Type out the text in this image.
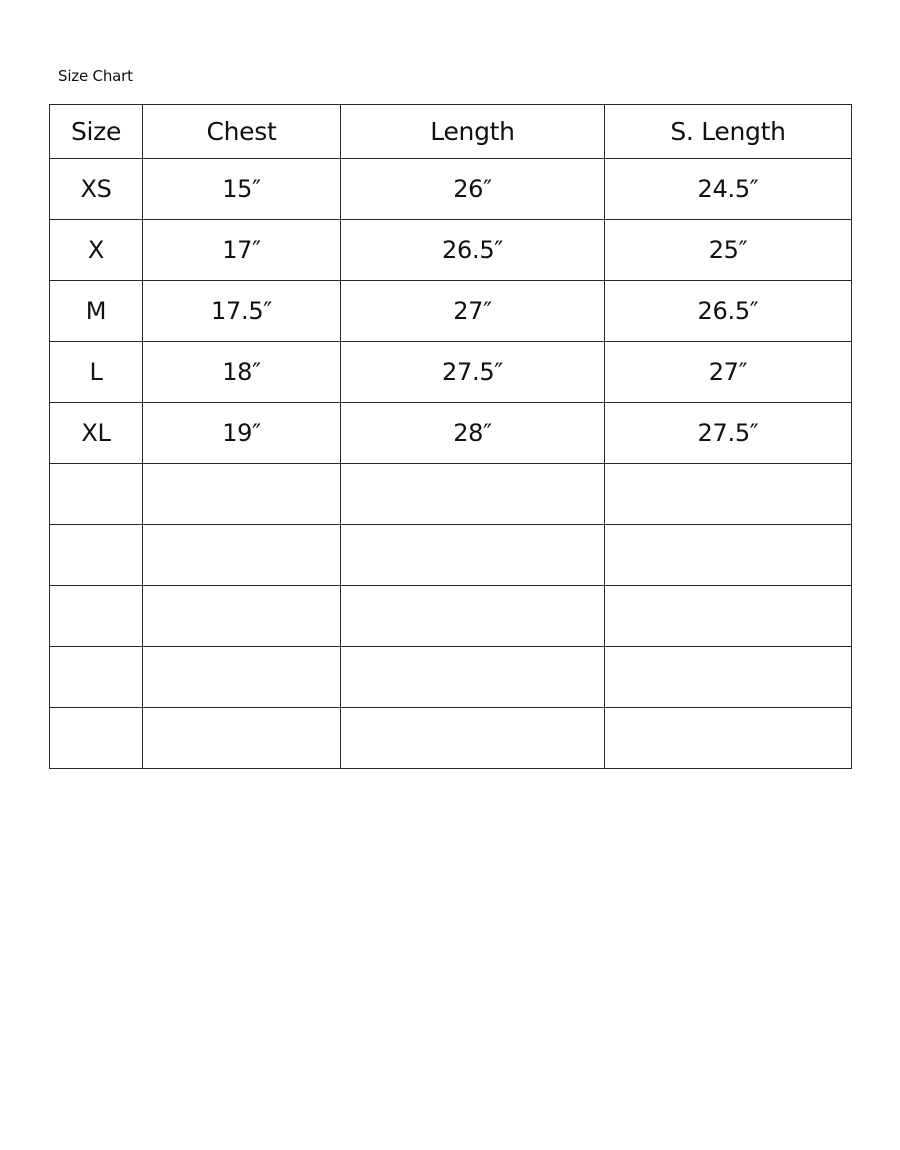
Size Chart
Size	Chest	Length	S. Length
XS	15″	26″	24.5″
X	17″	26.5″	25″
M	17.5″	27″	26.5″
L	18″	27.5″	27″
XL	19″	28″	27.5″
